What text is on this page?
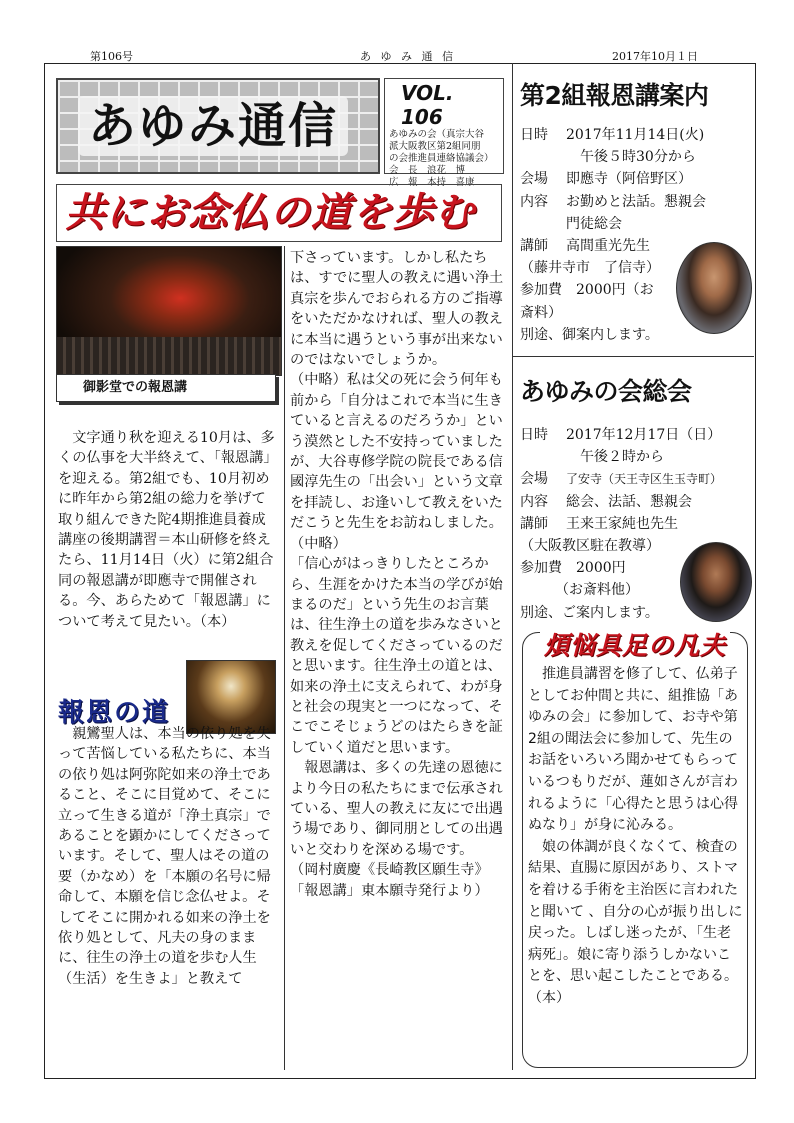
第106号	あ ゆ み 通 信	2017年10月１日
あゆみ通信
VOL. 106
あゆみの会（真宗大谷
派大阪教区第2組同朋
の会推進員連絡協議会）
会　長　浪花　博
広　報　本持　喜康
共にお念仏の道を歩む
御影堂での報恩講

　文字通り秋を迎える10月は、多くの仏事を大半終えて、「報恩講」を迎える。第2組でも、10月初めに昨年から第2組の総力を挙げて取り組んできた陀4期推進員養成講座の後期講習＝本山研修を終えたら、11月14日（火）に第2組合同の報恩講が即應寺で開催される。今、あらためて「報恩講」について考えて見たい。（本）

報恩の道

　親鸞聖人は、本当の依り処を失って苦悩している私たちに、本当の依り処は阿弥陀如来の浄土であること、そこに目覚めて、そこに立って生きる道が「浄土真宗」であることを顕かにしてくださっています。そして、聖人はその道の要（かなめ）を「本願の名号に帰命して、本願を信じ念仏せよ。そしてそこに開かれる如来の浄土を依り処として、凡夫の身のままに、往生の浄土の道を歩む人生（生活）を生きよ」と教えて

下さっています。しかし私たちは、すでに聖人の教えに遇い浄土真宗を歩んでおられる方のご指導をいただかなければ、聖人の教えに本当に遇うという事が出来ないのではないでしょうか。

（中略）私は父の死に会う何年も前から「自分はこれで本当に生きていると言えるのだろうか」という漠然とした不安持っていましたが、大谷専修学院の院長である信國淳先生の「出会い」という文章を拝読し、お逢いして教えをいただこうと先生をお訪ねしました。（中略）

「信心がはっきりしたところから、生涯をかけた本当の学びが始まるのだ」という先生のお言葉は、往生浄土の道を歩みなさいと教えを促してくださっているのだと思います。往生浄土の道とは、如来の浄土に支えられて、わが身と社会の現実と一つになって、そこでこそじょうどのはたらきを証していく道だと思います。

　報恩講は、多くの先達の恩徳により今日の私たちにまで伝承されている、聖人の教えに友にで出遇う場であり、御同朋としての出遇いと交わりを深める場です。

（岡村廣慶《長崎教区願生寺》「報恩講」東本願寺発行より）

第2組報恩講案内
日時 2017年11月14日(火)
　午後５時30分から
会場 即應寺（阿倍野区）
内容 お勤めと法話。懇親会
門徒総会
講師 高間重光先生
（藤井寺市　了信寺）
参加費　2000円（お
斎料）
別途、御案内します。
あゆみの会総会
日時 2017年12月17日（日）
　午後２時から
会場 了安寺（天王寺区生玉寺町）
内容 総会、法話、懇親会
講師 王来王家純也先生
（大阪教区駐在教導）
参加費　2000円
　　　（お斎料他）
別途、ご案内します。
煩悩具足の凡夫

　推進員講習を修了して、仏弟子としてお仲間と共に、組推協「あゆみの会」に参加して、お寺や第2組の聞法会に参加して、先生のお話をいろいろ聞かせてもらっているつもりだが、蓮如さんが言われるように「心得たと思うは心得ぬなり」が身に沁みる。

　娘の体調が良くなくて、検査の結果、直腸に原因があり、ストマを着ける手術を主治医に言われたと聞いて 、自分の心が振り出しに戻った。しばし迷ったが、「生老病死」。娘に寄り添うしかないことを、思い起こしたことである。（本）
